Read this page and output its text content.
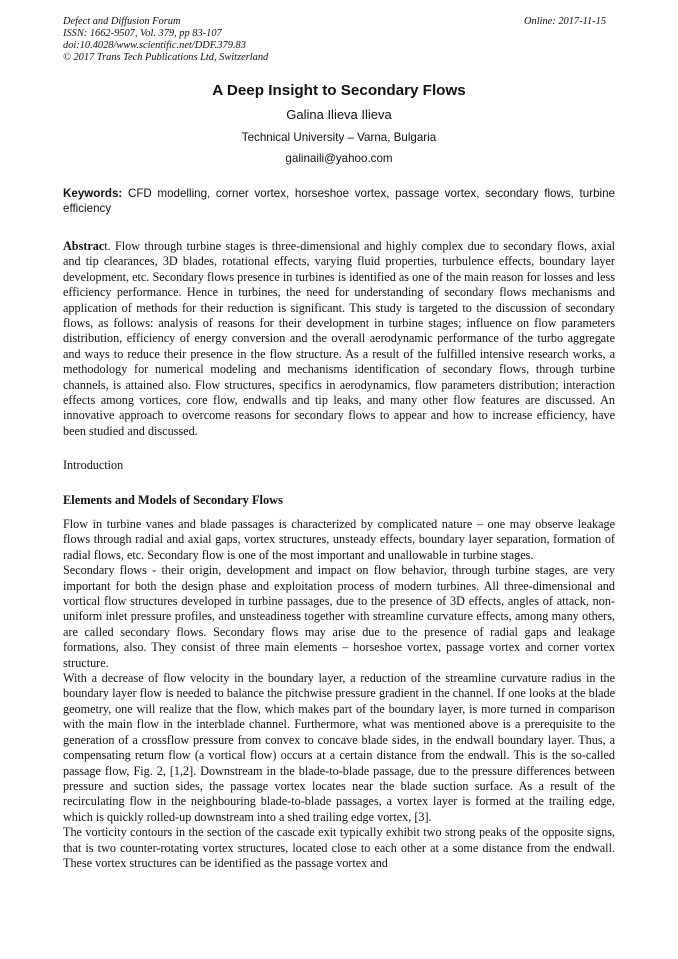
Defect and Diffusion Forum
ISSN: 1662-9507, Vol. 379, pp 83-107
doi:10.4028/www.scientific.net/DDF.379.83
© 2017 Trans Tech Publications Ltd, Switzerland
Online: 2017-11-15
A Deep Insight to Secondary Flows
Galina Ilieva Ilieva
Technical University – Varna, Bulgaria
galinaili@yahoo.com
Keywords: CFD modelling, corner vortex, horseshoe vortex, passage vortex, secondary flows, turbine efficiency
Abstract. Flow through turbine stages is three-dimensional and highly complex due to secondary flows, axial and tip clearances, 3D blades, rotational effects, varying fluid properties, turbulence effects, boundary layer development, etc. Secondary flows presence in turbines is identified as one of the main reason for losses and less efficiency performance. Hence in turbines, the need for understanding of secondary flows mechanisms and application of methods for their reduction is significant. This study is targeted to the discussion of secondary flows, as follows: analysis of reasons for their development in turbine stages; influence on flow parameters distribution, efficiency of energy conversion and the overall aerodynamic performance of the turbo aggregate and ways to reduce their presence in the flow structure. As a result of the fulfilled intensive research works, a methodology for numerical modeling and mechanisms identification of secondary flows, through turbine channels, is attained also. Flow structures, specifics in aerodynamics, flow parameters distribution; interaction effects among vortices, core flow, endwalls and tip leaks, and many other flow features are discussed. An innovative approach to overcome reasons for secondary flows to appear and how to increase efficiency, have been studied and discussed.
Introduction
Elements and Models of Secondary Flows

Flow in turbine vanes and blade passages is characterized by complicated nature – one may observe leakage flows through radial and axial gaps, vortex structures, unsteady effects, boundary layer separation, formation of radial flows, etc. Secondary flow is one of the most important and unallowable in turbine stages.

Secondary flows - their origin, development and impact on flow behavior, through turbine stages, are very important for both the design phase and exploitation process of modern turbines. All three-dimensional and vortical flow structures developed in turbine passages, due to the presence of 3D effects, angles of attack, non-uniform inlet pressure profiles, and unsteadiness together with streamline curvature effects, among many others, are called secondary flows. Secondary flows may arise due to the presence of radial gaps and leakage formations, also. They consist of three main elements – horseshoe vortex, passage vortex and corner vortex structure.

With a decrease of flow velocity in the boundary layer, a reduction of the streamline curvature radius in the boundary layer flow is needed to balance the pitchwise pressure gradient in the channel. If one looks at the blade geometry, one will realize that the flow, which makes part of the boundary layer, is more turned in comparison with the main flow in the interblade channel. Furthermore, what was mentioned above is a prerequisite to the generation of a crossflow pressure from convex to concave blade sides, in the endwall boundary layer. Thus, a compensating return flow (a vortical flow) occurs at a certain distance from the endwall. This is the so-called passage flow, Fig. 2, [1,2]. Downstream in the blade-to-blade passage, due to the pressure differences between pressure and suction sides, the passage vortex locates near the blade suction surface. As a result of the recirculating flow in the neighbouring blade-to-blade passages, a vortex layer is formed at the trailing edge, which is quickly rolled-up downstream into a shed trailing edge vortex, [3].

The vorticity contours in the section of the cascade exit typically exhibit two strong peaks of the opposite signs, that is two counter-rotating vortex structures, located close to each other at a some distance from the endwall. These vortex structures can be identified as the passage vortex and
